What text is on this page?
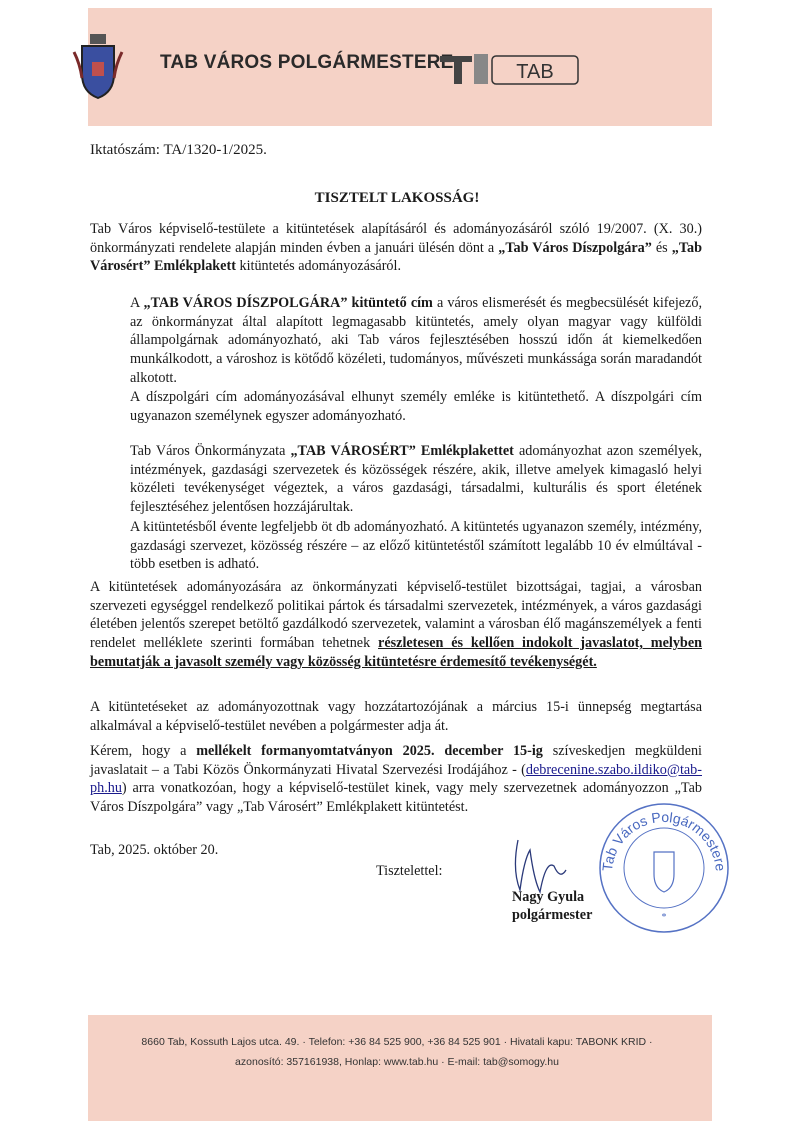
TAB VÁROS POLGÁRMESTERE	TAB
Iktatószám: TA/1320-1/2025.
TISZTELT LAKOSSÁG!

Tab Város képviselő-testülete a kitüntetések alapításáról és adományozásáról szóló 19/2007. (X. 30.) önkormányzati rendelete alapján minden évben a januári ülésén dönt a „Tab Város Díszpolgára” és „Tab Városért” Emlékplakett kitüntetés adományozásáról.

A „TAB VÁROS DÍSZPOLGÁRA” kitüntető cím a város elismerését és megbecsülését kifejező, az önkormányzat által alapított legmagasabb kitüntetés, amely olyan magyar vagy külföldi állampolgárnak adományozható, aki Tab város fejlesztésében hosszú időn át kiemelkedően munkálkodott, a városhoz is kötődő közéleti, tudományos, művészeti munkássága során maradandót alkotott.

A díszpolgári cím adományozásával elhunyt személy emléke is kitüntethető. A díszpolgári cím ugyanazon személynek egyszer adományozható.

Tab Város Önkormányzata „TAB VÁROSÉRT” Emlékplakettet adományozhat azon személyek, intézmények, gazdasági szervezetek és közösségek részére, akik, illetve amelyek kimagasló helyi közéleti tevékenységet végeztek, a város gazdasági, társadalmi, kulturális és sport életének fejlesztéséhez jelentősen hozzájárultak.

A kitüntetésből évente legfeljebb öt db adományozható. A kitüntetés ugyanazon személy, intézmény, gazdasági szervezet, közösség részére – az előző kitüntetéstől számított legalább 10 év elmúltával - több esetben is adható.

A kitüntetések adományozására az önkormányzati képviselő-testület bizottságai, tagjai, a városban szervezeti egységgel rendelkező politikai pártok és társadalmi szervezetek, intézmények, a város gazdasági életében jelentős szerepet betöltő gazdálkodó szervezetek, valamint a városban élő magánszemélyek a fenti rendelet melléklete szerinti formában tehetnek részletesen és kellően indokolt javaslatot, melyben bemutatják a javasolt személy vagy közösség kitüntetésre érdemesítő tevékenységét.

A kitüntetéseket az adományozottnak vagy hozzátartozójának a március 15-i ünnepség megtartása alkalmával a képviselő-testület nevében a polgármester adja át.

Kérem, hogy a mellékelt formanyomtatványon 2025. december 15-ig szíveskedjen megküldeni javaslatait – a Tabi Közös Önkormányzati Hivatal Szervezési Irodájához - (debrecenine.szabo.ildiko@tab-ph.hu) arra vonatkozóan, hogy a képviselő-testület kinek, vagy mely szervezetnek adományozzon „Tab Város Díszpolgára” vagy „Tab Városért” Emlékplakett kitüntetést.

Tab, 2025. október 20.
Tisztelettel:
Nagy Gyula
polgármester
Tab Város Polgármestere
*
8660 Tab, Kossuth Lajos utca. 49. · Telefon: +36 84 525 900, +36 84 525 901 · Hivatali kapu: TABONK KRID ·
azonosító: 357161938, Honlap: www.tab.hu · E-mail: tab@somogy.hu
